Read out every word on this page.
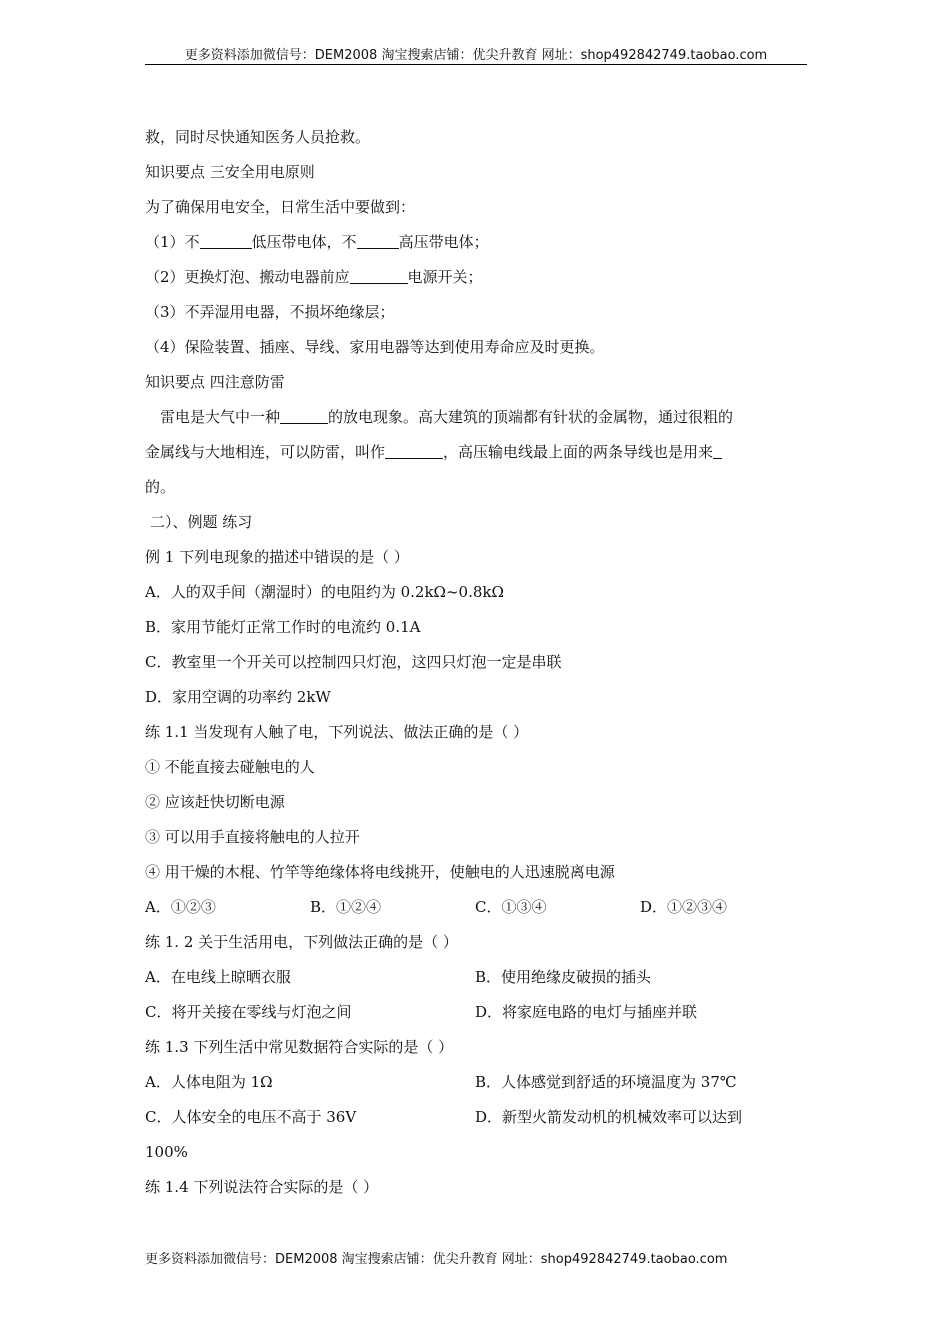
更多资料添加微信号：DEM2008 淘宝搜索店铺：优尖升教育 网址：shop492842749.taobao.com
救，同时尽快通知医务人员抢救。
知识要点 三安全用电原则
为了确保用电安全，日常生活中要做到：
（1）不	低压带电体，不	高压带电体；
（2）更换灯泡、搬动电器前应	电源开关；
（3）不弄湿用电器，不损坏绝缘层；
（4）保险装置、插座、导线、家用电器等达到使用寿命应及时更换。
知识要点 四注意防雷
雷电是大气中一种	的放电现象。高大建筑的顶端都有针状的金属物，通过很粗的
金属线与大地相连，可以防雷，叫作	，高压输电线最上面的两条导线也是用来
的。
二）、例题 练习
例 1 下列电现象的描述中错误的是（ ）
A．人的双手间（潮湿时）的电阻约为 0.2kΩ~0.8kΩ
B．家用节能灯正常工作时的电流约 0.1A
C．教室里一个开关可以控制四只灯泡，这四只灯泡一定是串联
D．家用空调的功率约 2kW
练 1.1 当发现有人触了电，下列说法、做法正确的是（ ）
① 不能直接去碰触电的人
② 应该赶快切断电源
③ 可以用手直接将触电的人拉开
④ 用干燥的木棍、竹竿等绝缘体将电线挑开，使触电的人迅速脱离电源
A．①②③	B．①②④	C．①③④	D．①②③④
练 1. 2 关于生活用电，下列做法正确的是（ ）
A．在电线上晾晒衣服	B．使用绝缘皮破损的插头
C．将开关接在零线与灯泡之间	D．将家庭电路的电灯与插座并联
练 1.3 下列生活中常见数据符合实际的是（ ）
A．人体电阻为 1Ω	B．人体感觉到舒适的环境温度为 37℃
C．人体安全的电压不高于 36V	D．新型火箭发动机的机械效率可以达到
100%
练 1.4 下列说法符合实际的是（ ）
更多资料添加微信号：DEM2008 淘宝搜索店铺：优尖升教育 网址：shop492842749.taobao.com
